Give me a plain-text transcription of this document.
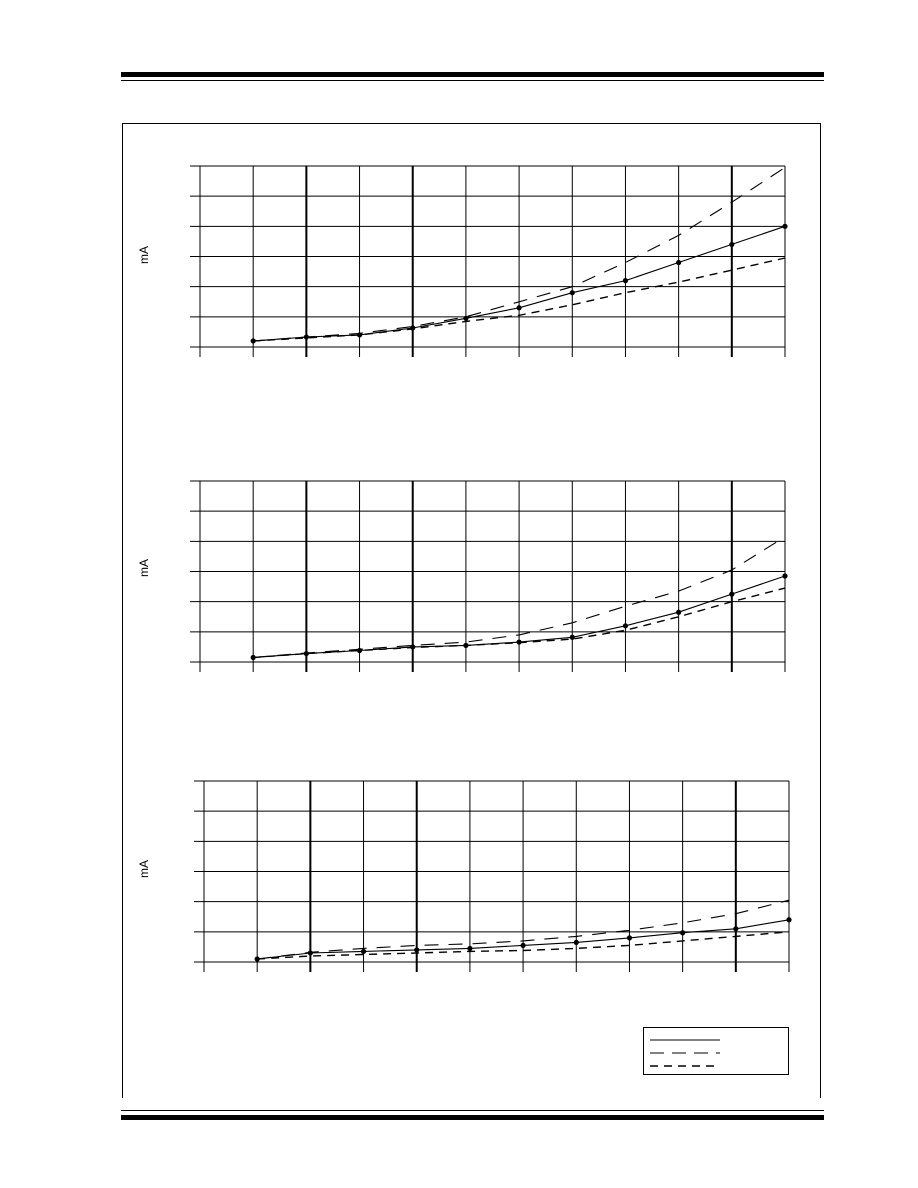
mA
mA
mA
